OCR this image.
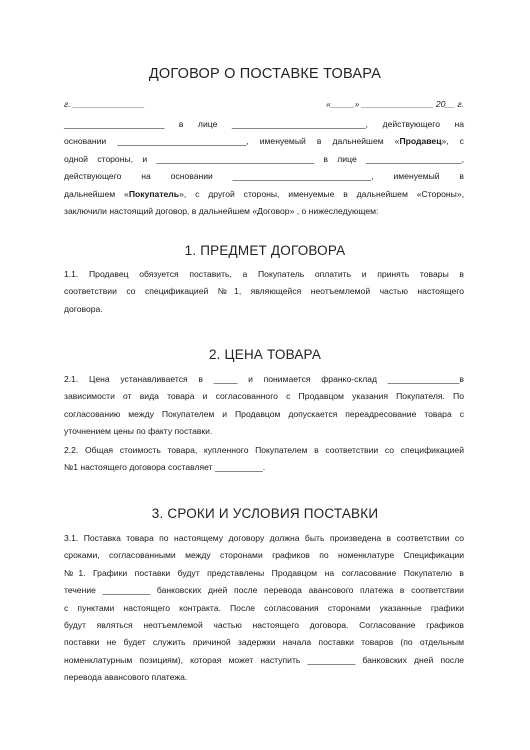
ДОГОВОР О ПОСТАВКЕ ТОВАРА
г. _______________	«_____» _______________ 20__ г.
_____________________ в лице ____________________________, действующего на
основании ___________________________, именуемый в дальнейшем «Продавец», с
одной стороны, и _________________________________ в лице ____________________,
действующего на основании _____________________________, именуемый в
дальнейшем «Покупатель», с другой стороны, именуемые в дальнейшем «Стороны»,
заключили настоящий договор, в дальнейшем «Договор» , о нижеследующем:
1. ПРЕДМЕТ ДОГОВОРА
1.1. Продавец обязуется поставить, а Покупатель оплатить и принять товары в
соответствии со спецификацией №1, являющейся неотъемлемой частью настоящего
договора.
2. ЦЕНА ТОВАРА
2.1. Цена устанавливается в _____ и понимается франко-склад _______________в
зависимости от вида товара и согласованного с Продавцом указания Покупателя. По
согласованию между Покупателем и Продавцом допускается переадресование товара с
уточнением цены по факту поставки.
2.2. Общая стоимость товара, купленного Покупателем в соответствии со спецификацией
№1 настоящего договора составляет __________.
3. СРОКИ И УСЛОВИЯ ПОСТАВКИ
3.1. Поставка товара по настоящему договору должна быть произведена в соответствии со
сроками, согласованными между сторонами графиков по номенклатуре Спецификации
№1. Графики поставки будут представлены Продавцом на согласование Покупателю в
течение __________ банковских дней после перевода авансового платежа в соответствии
с пунктами настоящего контракта. После согласования сторонами указанные графики
будут являться неотъемлемой частью настоящего договора. Согласование графиков
поставки не будет служить причиной задержки начала поставки товаров (по отдельным
номенклатурным позициям), которая может наступить __________ банковских дней после
перевода авансового платежа.
